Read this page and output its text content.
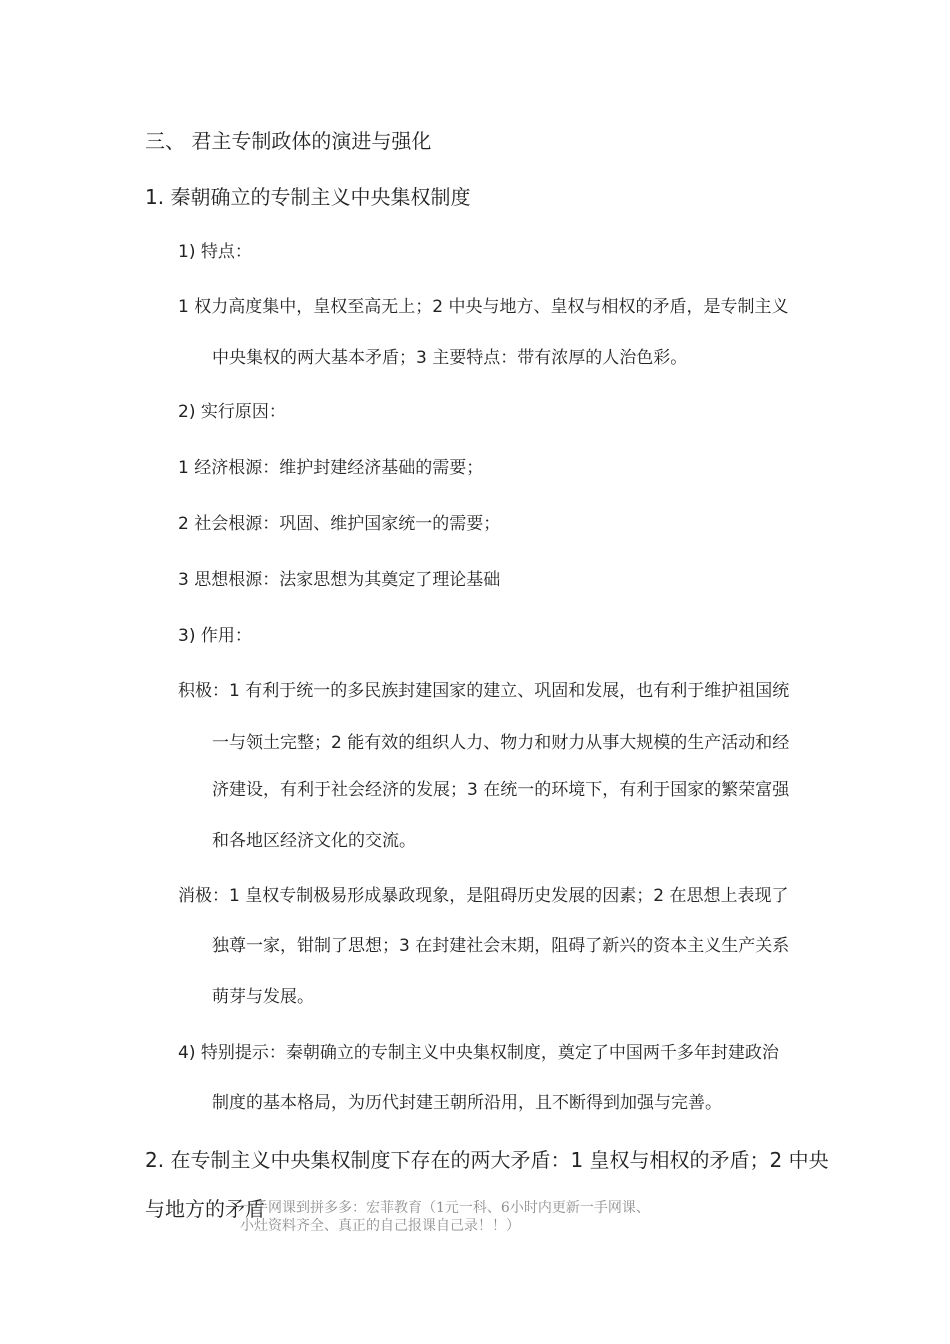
三、 君主专制政体的演进与强化
1. 秦朝确立的专制主义中央集权制度
1) 特点：
1 权力高度集中，皇权至高无上；2 中央与地方、皇权与相权的矛盾，是专制主义
中央集权的两大基本矛盾；3 主要特点：带有浓厚的人治色彩。
2) 实行原因：
1 经济根源：维护封建经济基础的需要；
2 社会根源：巩固、维护国家统一的需要；
3 思想根源：法家思想为其奠定了理论基础
3) 作用：
积极：1 有利于统一的多民族封建国家的建立、巩固和发展，也有利于维护祖国统
一与领土完整；2 能有效的组织人力、物力和财力从事大规模的生产活动和经
济建设，有利于社会经济的发展；3 在统一的环境下，有利于国家的繁荣富强
和各地区经济文化的交流。
消极：1 皇权专制极易形成暴政现象，是阻碍历史发展的因素；2 在思想上表现了
独尊一家，钳制了思想；3 在封建社会末期，阻碍了新兴的资本主义生产关系
萌芽与发展。
4) 特别提示：秦朝确立的专制主义中央集权制度，奠定了中国两千多年封建政治
制度的基本格局，为历代封建王朝所沿用，且不断得到加强与完善。
2. 在专制主义中央集权制度下存在的两大矛盾：1 皇权与相权的矛盾；2 中央
与地方的矛盾
一手网课到拼多多：宏菲教育（1元一科、6小时内更新一手网课、
小灶资料齐全、真正的自己报课自己录！！）
